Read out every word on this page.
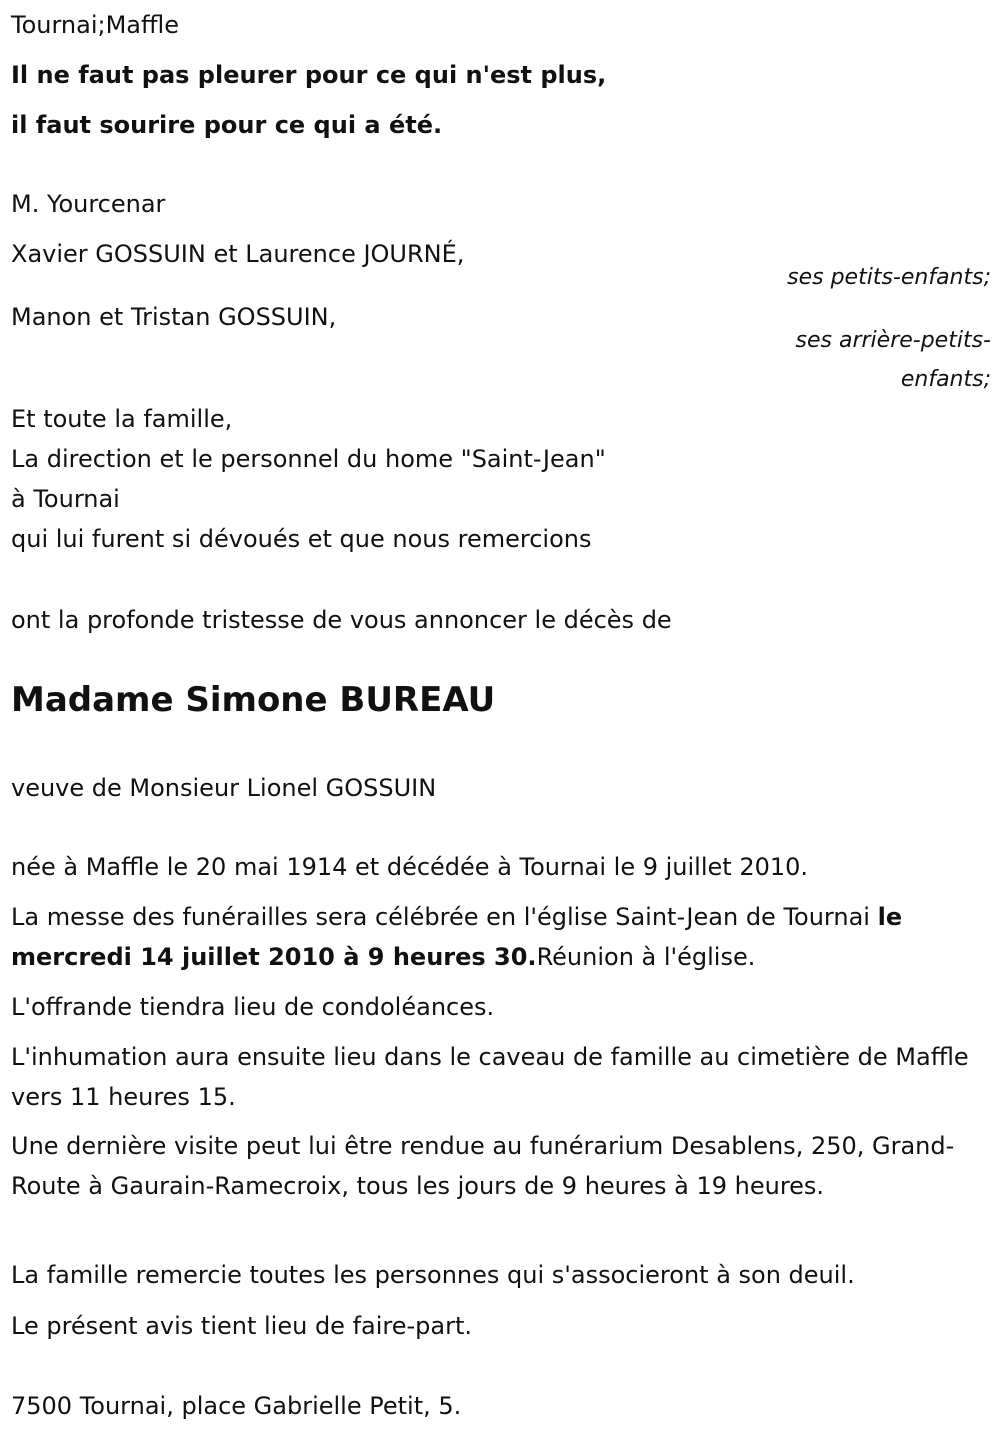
Tournai;Maffle

Il ne faut pas pleurer pour ce qui n'est plus,

il faut sourire pour ce qui a été.

M. Yourcenar

Xavier GOSSUIN et Laurence JOURNÉ,

ses petits-enfants;

Manon et Tristan GOSSUIN,

ses arrière-petits-
enfants;

Et toute la famille,

La direction et le personnel du home "Saint-Jean"

à Tournai

qui lui furent si dévoués et que nous remercions

ont la profonde tristesse de vous annoncer le décès de

Madame Simone BUREAU

veuve de Monsieur Lionel GOSSUIN

née à Maffle le 20 mai 1914 et décédée à Tournai le 9 juillet 2010.

La messe des funérailles sera célébrée en l'église Saint-Jean de Tournai le mercredi 14 juillet 2010 à 9 heures 30.Réunion à l'église.

L'offrande tiendra lieu de condoléances.

L'inhumation aura ensuite lieu dans le caveau de famille au cimetière de Maffle vers 11 heures 15.

Une dernière visite peut lui être rendue au funérarium Desablens, 250, Grand-Route à Gaurain-Ramecroix, tous les jours de 9 heures à 19 heures.

La famille remercie toutes les personnes qui s'associeront à son deuil.

Le présent avis tient lieu de faire-part.

7500 Tournai, place Gabrielle Petit, 5.
